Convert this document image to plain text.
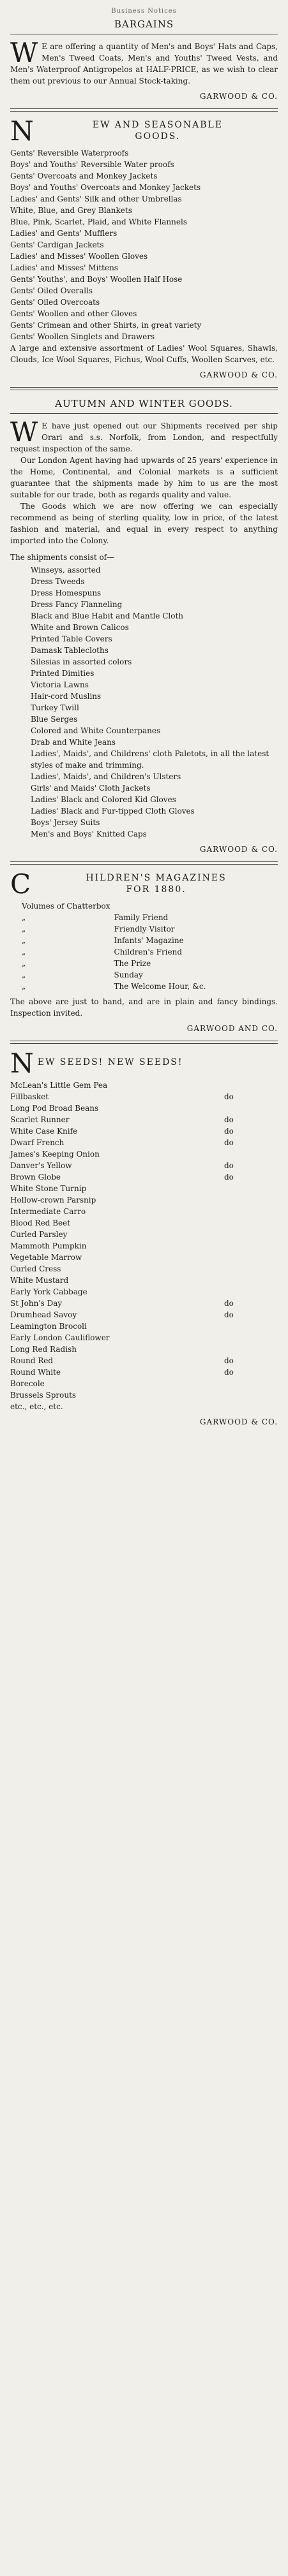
Business Notices
BARGAINS

W E are offering a quantity of Men's and Boys' Hats and Caps, Men's Tweed Coats, Men's and Youths' Tweed Vests, and Men's Waterproof Antigropelos at HALF-PRICE, as we wish to clear them out previous to our Annual Stock-taking.

GARWOOD & CO.
N	EW AND SEASONABLE
GOODS.
Gents' Reversible Waterproofs
Boys' and Youths' Reversible Water proofs
Gents' Overcoats and Monkey Jackets
Boys' and Youths' Overcoats and Monkey Jackets
Ladies' and Gents' Silk and other Umbrellas
White, Blue, and Grey Blankets
Blue, Pink, Scarlet, Plaid, and White Flannels
Ladies' and Gents' Mufflers
Gents' Cardigan Jackets
Ladies' and Misses' Woollen Gloves
Ladies' and Misses' Mittens
Gents' Youths', and Boys' Woollen Half Hose
Gents' Oiled Overalls
Gents' Oiled Overcoats
Gents' Woollen and other Gloves
Gents' Crimean and other Shirts, in great variety
Gents' Woollen Singlets and Drawers

A large and extensive assortment of Ladies' Wool Squares, Shawls, Clouds, Ice Wool Squares, Fichus, Wool Cuffs, Woollen Scarves, etc.

GARWOOD & CO.
AUTUMN AND WINTER GOODS.

W E have just opened out our Shipments received per ship Orari and s.s. Norfolk, from London, and respectfully request inspection of the same.

Our London Agent having had upwards of 25 years' experience in the Home, Continental, and Colonial markets is a sufficient guarantee that the shipments made by him to us are the most suitable for our trade, both as regards quality and value.

The Goods which we are now offering we can especially recommend as being of sterling quality, low in price, of the latest fashion and material, and equal in every respect to anything imported into the Colony.

The shipments consist of—
Winseys, assorted
Dress Tweeds
Dress Homespuns
Dress Fancy Flanneling
Black and Blue Habit and Mantle Cloth
White and Brown Calicos
Printed Table Covers
Damask Tablecloths
Silesias in assorted colors
Printed Dimities
Victoria Lawns
Hair-cord Muslins
Turkey Twill
Blue Serges
Colored and White Counterpanes
Drab and White Jeans
Ladies', Maids', and Childrens' cloth Paletots, in all the latest styles of make and trimming.
Ladies', Maids', and Children's Ulsters
Girls' and Maids' Cloth Jackets
Ladies' Black and Colored Kid Gloves
Ladies' Black and Fur-tipped Cloth Gloves
Boys' Jersey Suits
Men's and Boys' Knitted Caps
GARWOOD & CO.
C	HILDREN'S MAGAZINES
FOR 1880.
Volumes of Chatterbox	
„	Family Friend
„	Friendly Visitor
„	Infants' Magazine
„	Children's Friend
„	The Prize
„	Sunday
„	The Welcome Hour, &c.

The above are just to hand, and are in plain and fancy bindings. Inspection invited.

GARWOOD AND CO.
N EW SEEDS! NEW SEEDS!
McLean's Little Gem Pea
Fillbasket	do
Long Pod Broad Beans
Scarlet Runner	do
White Case Knife	do
Dwarf French	do
James's Keeping Onion
Danver's Yellow	do
Brown Globe	do
White Stone Turnip
Hollow-crown Parsnip
Intermediate Carro
Blood Red Beet
Curled Parsley
Mammoth Pumpkin
Vegetable Marrow
Curled Cress
White Mustard
Early York Cabbage
St John's Day	do
Drumhead Savoy	do
Leamington Brocoli
Early London Cauliflower
Long Red Radish
Round Red	do
Round White	do
Borecole
Brussels Sprouts
etc., etc., etc.
GARWOOD & CO.
